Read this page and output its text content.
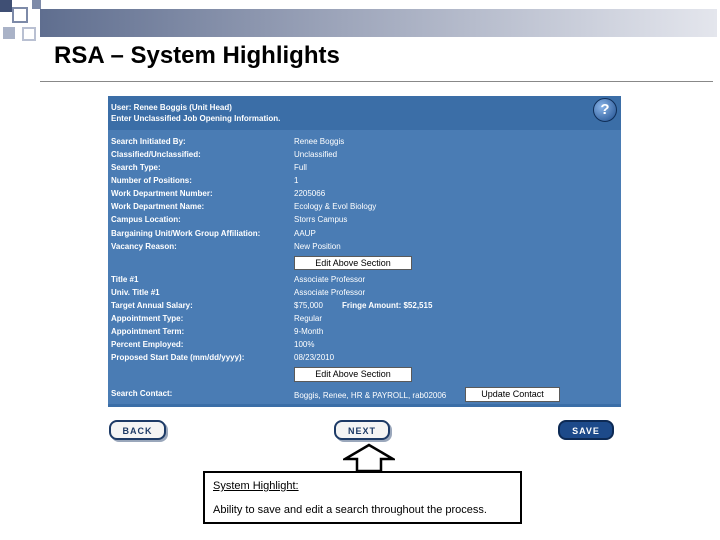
RSA – System Highlights
User: Renee Boggis (Unit Head)
Enter Unclassified Job Opening Information.
?
Search Initiated By:	Renee Boggis
Classified/Unclassified:	Unclassified
Search Type:	Full
Number of Positions:	1
Work Department Number:	2205066
Work Department Name:	Ecology & Evol Biology
Campus Location:	Storrs Campus
Bargaining Unit/Work Group Affiliation:	AAUP
Vacancy Reason:	New Position
Edit Above Section
Title #1	Associate Professor
Univ. Title #1	Associate Professor
Target Annual Salary:	$75,000 Fringe Amount: $52,515
Appointment Type:	Regular
Appointment Term:	9-Month
Percent Employed:	100%
Proposed Start Date (mm/dd/yyyy):	08/23/2010
Edit Above Section
Search Contact:	Boggis, Renee, HR & PAYROLL, rab02006	Update Contact
BACK	NEXT	SAVE
System Highlight:
Ability to save and edit a search throughout the process.
